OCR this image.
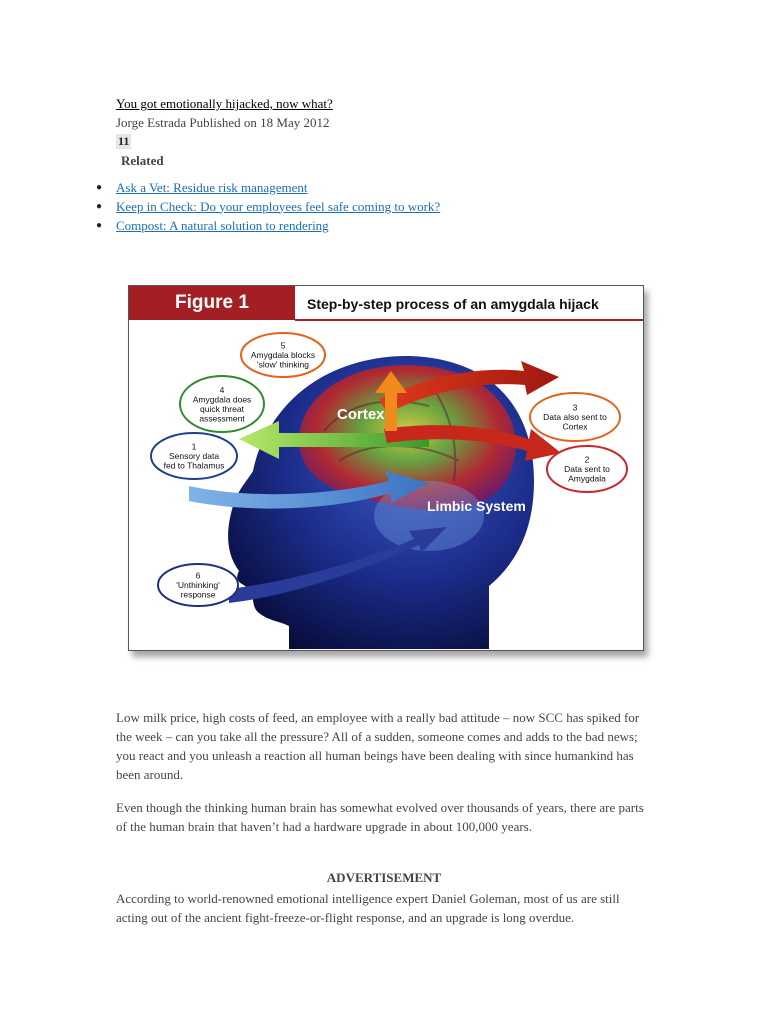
You got emotionally hijacked, now what?
Jorge Estrada Published on 18 May 2012
11
Related
●	Ask a Vet: Residue risk management
●	Keep in Check: Do your employees feel safe coming to work?
●	Compost: A natural solution to rendering
Figure 1	Step-by-step process of an amygdala hijack
Cortex
Limbic System
1
Sensory data
fed to Thalamus
2
Data sent to
Amygdala
3
Data also sent to
Cortex
4
Amygdala does
quick threat
assessment
5
Amygdala blocks
'slow' thinking
6
'Unthinking'
response

Low milk price, high costs of feed, an employee with a really bad attitude – now SCC has spiked for the week – can you take all the pressure? All of a sudden, someone comes and adds to the bad news; you react and you unleash a reaction all human beings have been dealing with since humankind has been around.

Even though the thinking human brain has somewhat evolved over thousands of years, there are parts of the human brain that haven’t had a hardware upgrade in about 100,000 years.

ADVERTISEMENT

According to world-renowned emotional intelligence expert Daniel Goleman, most of us are still acting out of the ancient fight-freeze-or-flight response, and an upgrade is long overdue.
